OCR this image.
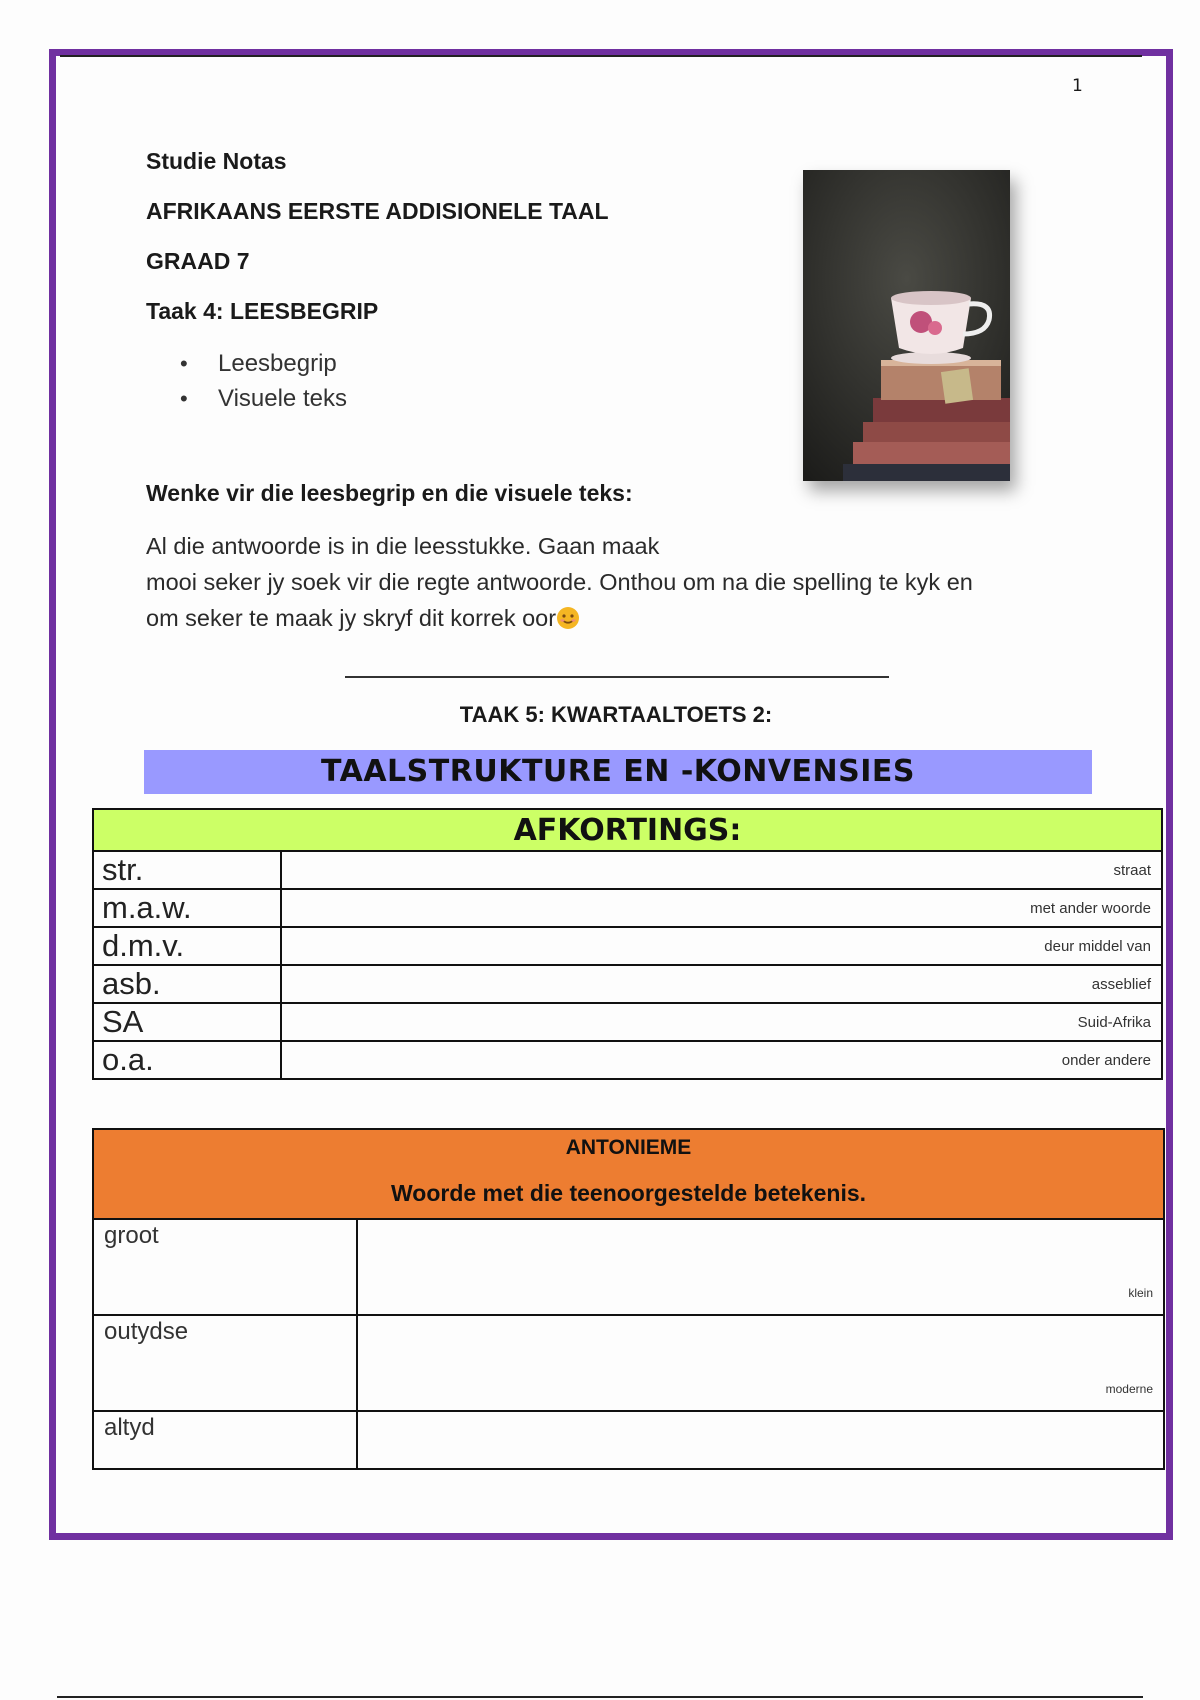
1
Studie Notas
AFRIKAANS EERSTE ADDISIONELE TAAL
GRAAD 7
Taak 4: LEESBEGRIP
• Leesbegrip
• Visuele teks
Wenke vir die leesbegrip en die visuele teks:
Al die antwoorde is in die leesstukke. Gaan maak
mooi seker jy soek vir die regte antwoorde. Onthou om na die spelling te kyk en
om seker te maak jy skryf dit korrek oor
TAAK 5: KWARTAALTOETS 2:
TAALSTRUKTURE EN -KONVENSIES
AFKORTINGS:	
str.	straat
m.a.w.	met ander woorde
d.m.v.	deur middel van
asb.	asseblief
SA	Suid-Afrika
o.a.	onder andere
ANTONIEME
Woorde met die teenoorgestelde betekenis.	

groot	klein
outydse	moderne
altyd	
